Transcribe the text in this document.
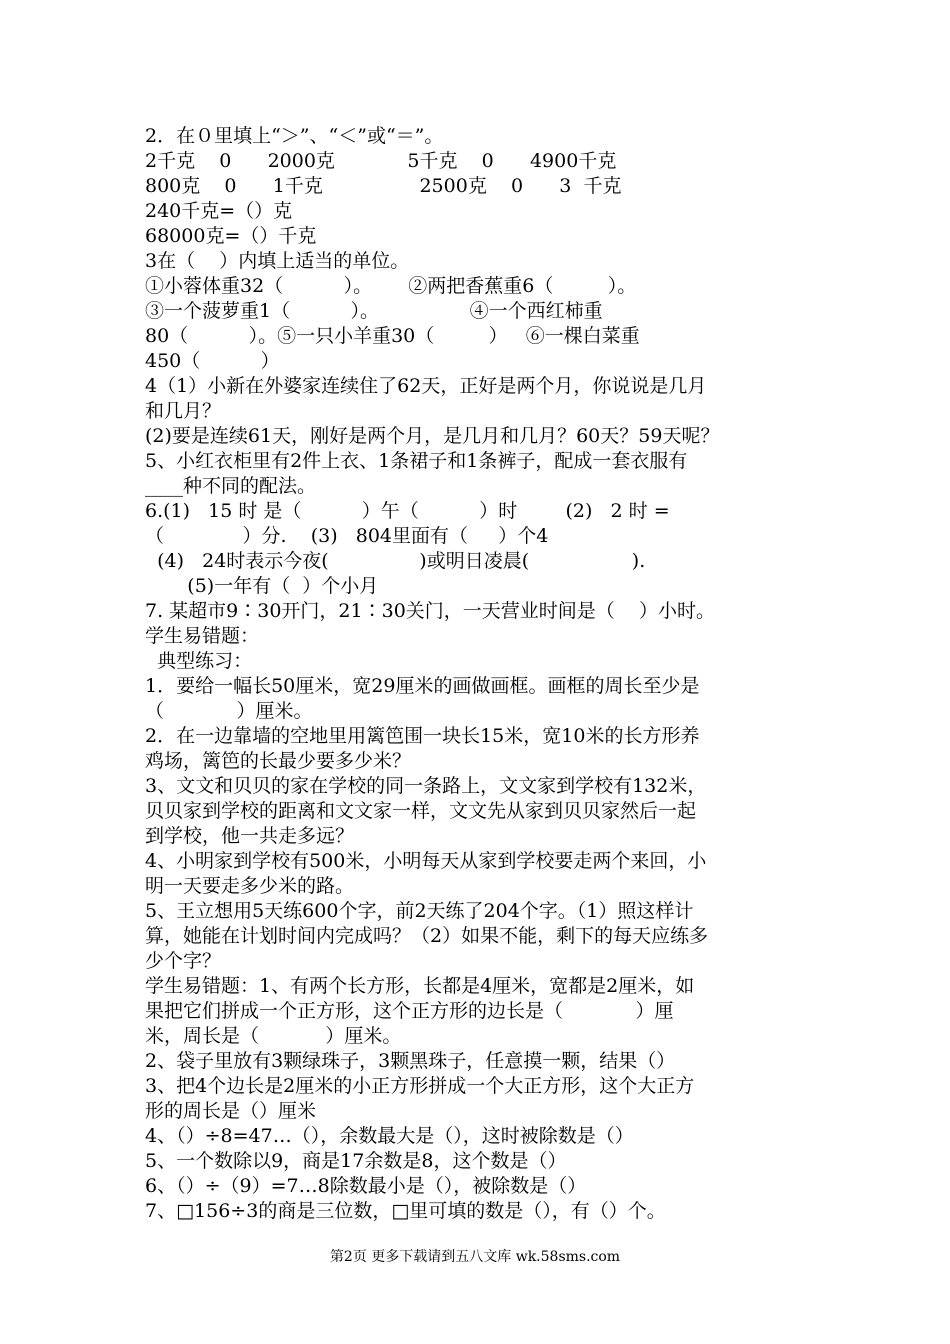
2．在０里填上“＞”、“＜”或“＝”。
2千克    0      2000克            5千克    0      4900千克
800克    0      1千克                2500克    0      3  千克
240千克=（）克
68000克=（）千克
3在（    ）内填上适当的单位。
①小蓉体重32（          ）。      ②两把香蕉重6（         ）。
③一个菠萝重1（          ）。               ④一个西红柿重
80（          ）。⑤一只小羊重30（         ）   ⑥一棵白菜重
450（          ）
4（1）小新在外婆家连续住了62天，正好是两个月，你说说是几月
和几月？
(2)要是连续61天，刚好是两个月，是几月和几月？60天？59天呢？
5、小红衣柜里有2件上衣、1条裙子和1条裤子，配成一套衣服有
____种不同的配法。
6.(1)   15 时 是（          ）午（          ）时        (2)   2 时 =
（             ）分.    (3)   804里面有（     ）个4
(4)   24时表示今夜(               )或明日凌晨(                 ).
(5)一年有（  ）个小月
7. 某超市9∶30开门，21∶30关门，一天营业时间是（    ）小时。
学生易错题：
典型练习：
1．要给一幅长50厘米，宽29厘米的画做画框。画框的周长至少是
（            ）厘米。
2．在一边靠墙的空地里用篱笆围一块长15米，宽10米的长方形养
鸡场，篱笆的长最少要多少米？
3、文文和贝贝的家在学校的同一条路上，文文家到学校有132米，
贝贝家到学校的距离和文文家一样，文文先从家到贝贝家然后一起
到学校，他一共走多远？
4、小明家到学校有500米，小明每天从家到学校要走两个来回，小
明一天要走多少米的路。
5、王立想用5天练600个字，前2天练了204个字。（1）照这样计
算，她能在计划时间内完成吗？（2）如果不能，剩下的每天应练多
少个字？
学生易错题：1、有两个长方形，长都是4厘米，宽都是2厘米，如
果把它们拼成一个正方形，这个正方形的边长是（            ）厘
米，周长是（           ）厘米。
2、袋子里放有3颗绿珠子，3颗黑珠子，任意摸一颗，结果（）
3、把4个边长是2厘米的小正方形拼成一个大正方形，这个大正方
形的周长是（）厘米
4、（）÷8=47…（），余数最大是（），这时被除数是（）
5、一个数除以9，商是17余数是8，这个数是（）
6、（）÷（9）=7…8除数最小是（），被除数是（）
7、□156÷3的商是三位数，□里可填的数是（），有（）个。
第2页 更多下载请到五八文库 wk.58sms.com
